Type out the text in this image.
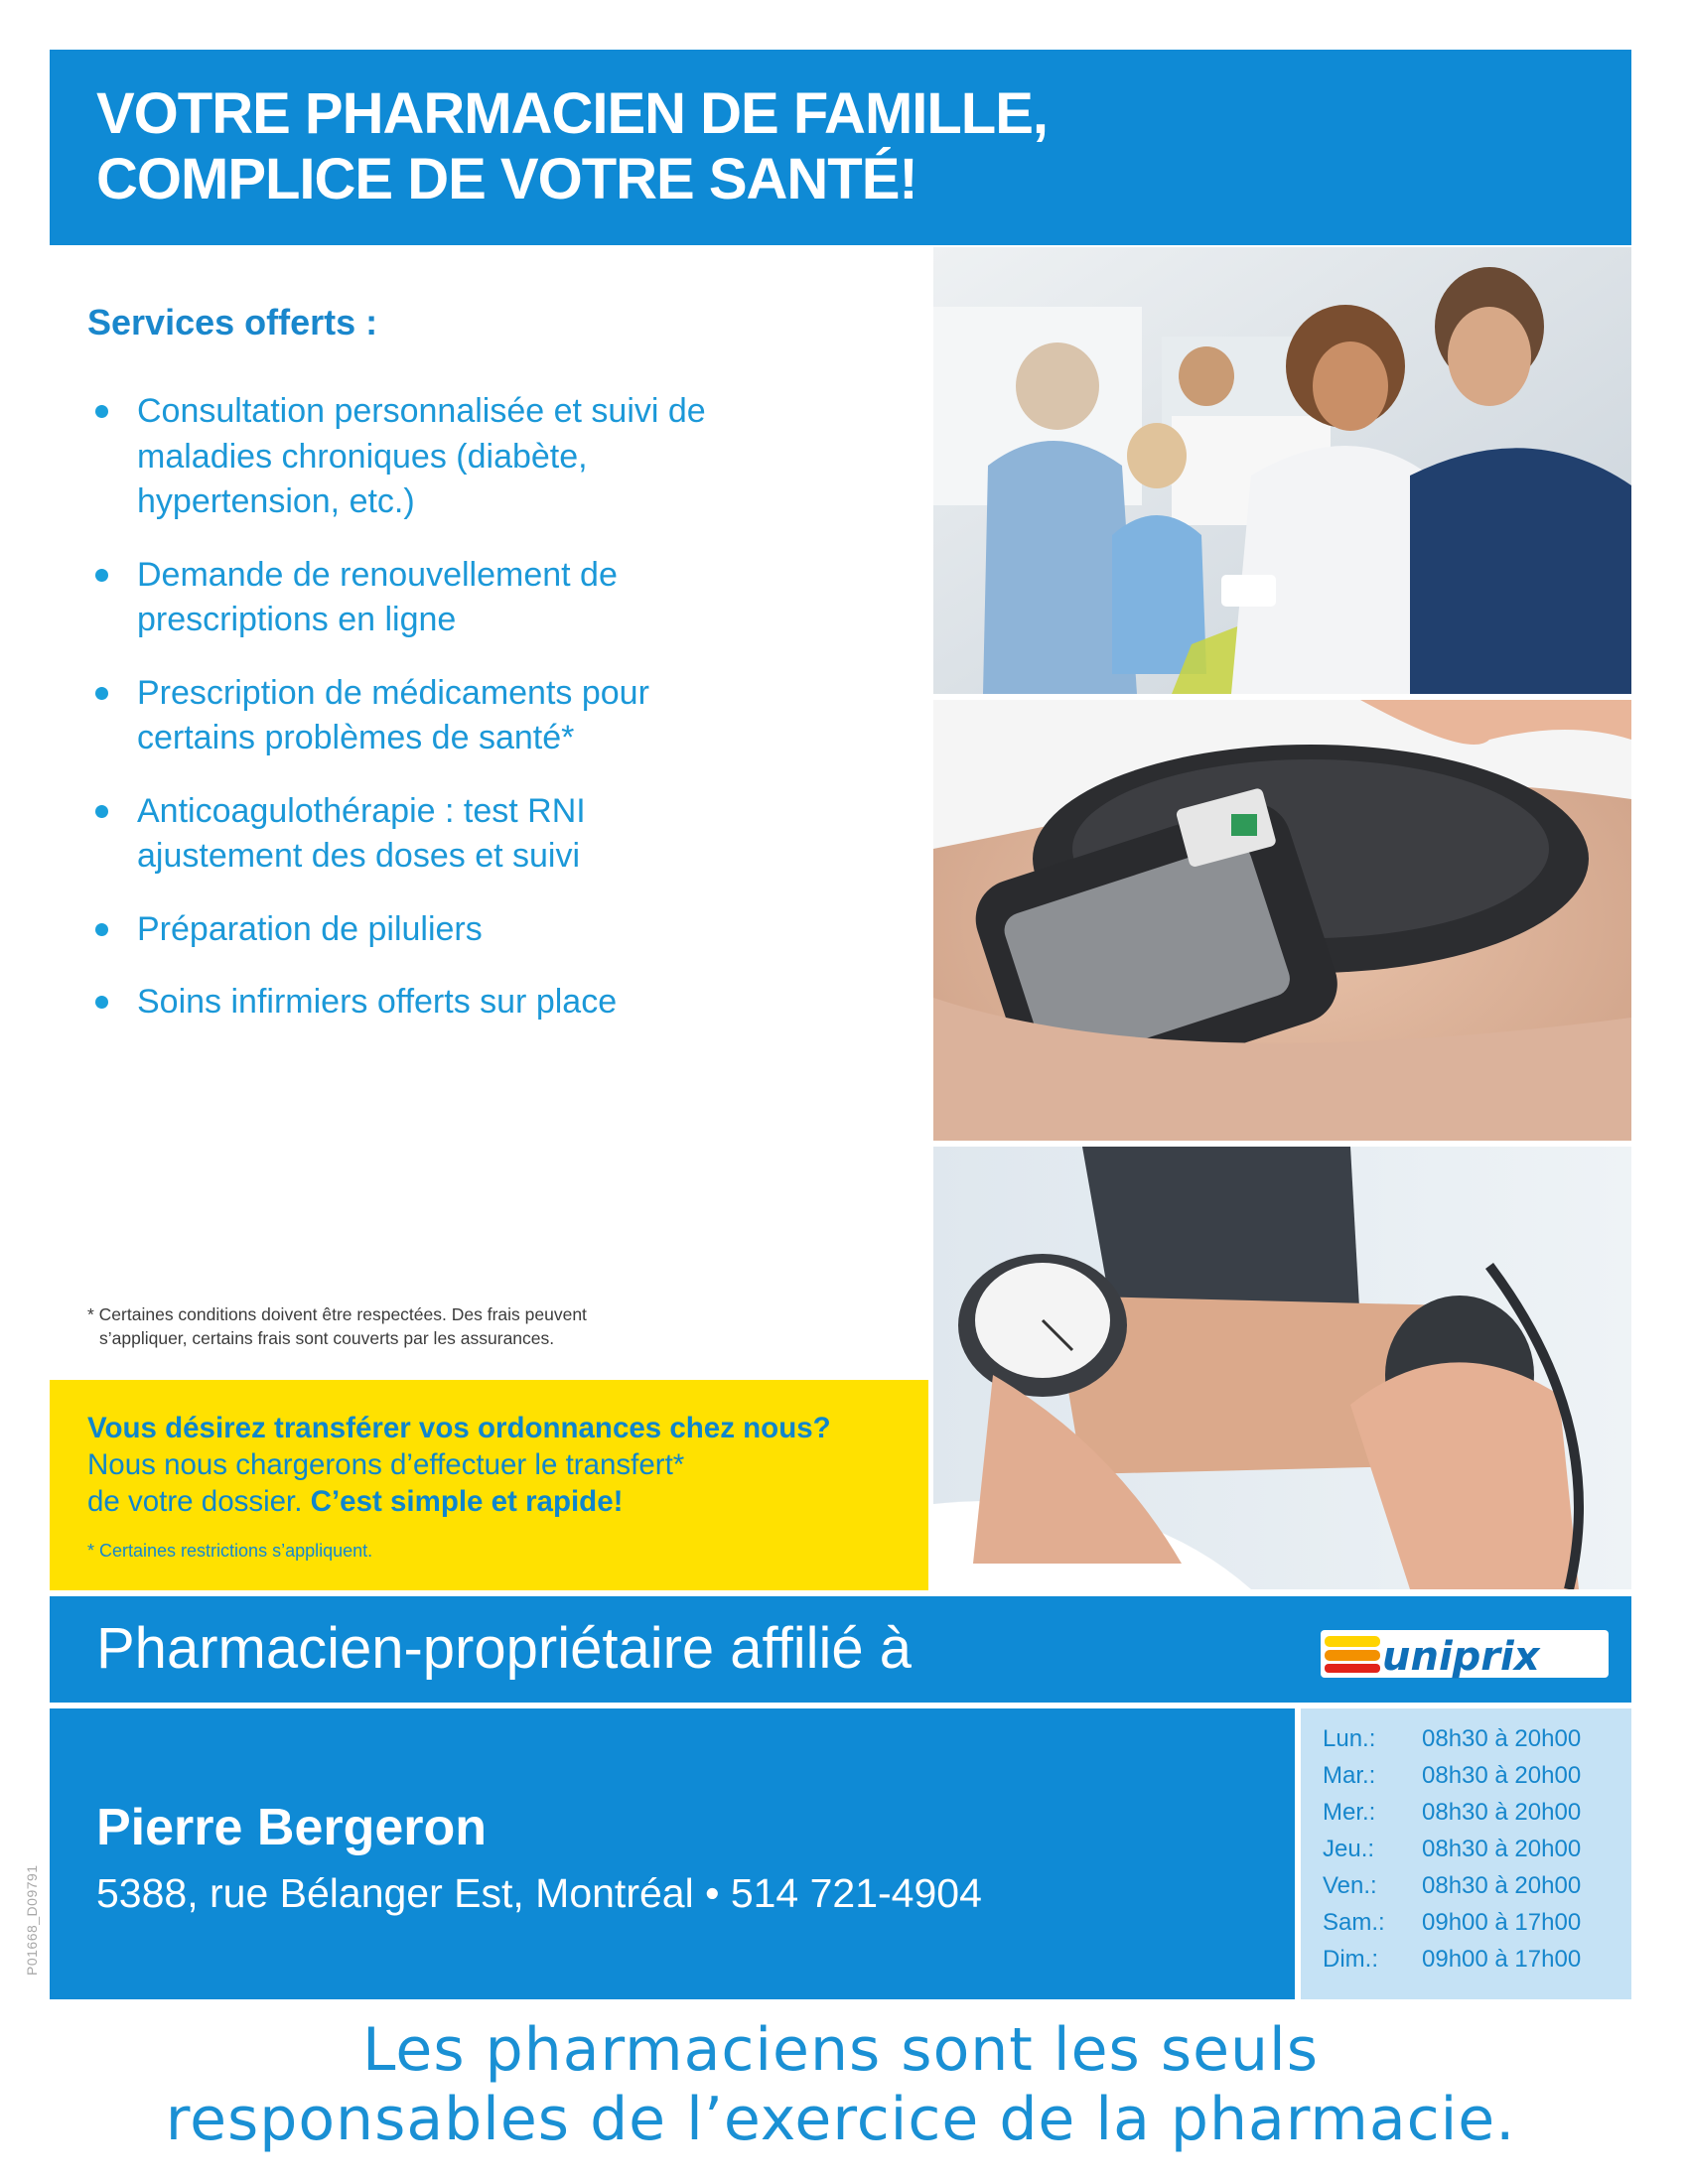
VOTRE PHARMACIEN DE FAMILLE,
COMPLICE DE VOTRE SANTÉ!
Services offerts :
Consultation personnalisée et suivi de
maladies chroniques (diabète,
hypertension, etc.)
Demande de renouvellement de
prescriptions en ligne
Prescription de médicaments pour
certains problèmes de santé*
Anticoagulothérapie : test RNI
ajustement des doses et suivi
Préparation de piluliers
Soins infirmiers offerts sur place
* Certaines conditions doivent être respectées. Des frais peuvent
s’appliquer, certains frais sont couverts par les assurances.
Vous désirez transférer vos ordonnances chez nous?
Nous nous chargerons d’effectuer le transfert*
de votre dossier. C’est simple et rapide!
* Certaines restrictions s’appliquent.
Pharmacien-propriétaire affilié à	uniprix
Pierre Bergeron
5388, rue Bélanger Est, Montréal • 514 721-4904
Lun.: 08h30 à 20h00
Mar.: 08h30 à 20h00
Mer.: 08h30 à 20h00
Jeu.: 08h30 à 20h00
Ven.: 08h30 à 20h00
Sam.: 09h00 à 17h00
Dim.: 09h00 à 17h00
P01668_D09791
Les pharmaciens sont les seuls
responsables de l’exercice de la pharmacie.
